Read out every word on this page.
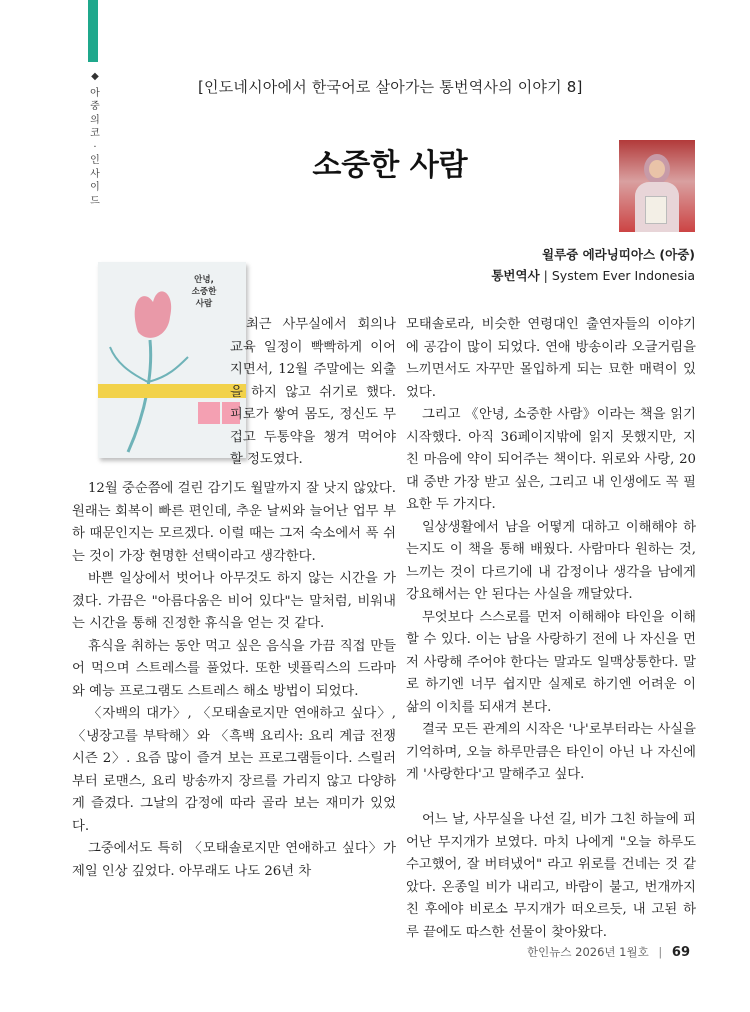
◆
아
중
의
코
·
인
사
이
드
[인도네시아에서 한국어로 살아가는 통번역사의 이야기 8]
소중한 사람
윌루즁 에라닝띠아스 (아중)
통번역사 | System Ever Indonesia
안녕,
소중한
사람

최근 사무실에서 회의나 교육 일정이 빡빡하게 이어지면서, 12월 주말에는 외출을 하지 않고 쉬기로 했다. 피로가 쌓여 몸도, 정신도 무겁고 두통약을 챙겨 먹어야 할 정도였다.

12월 중순쯤에 걸린 감기도 월말까지 잘 낫지 않았다. 원래는 회복이 빠른 편인데, 추운 날씨와 늘어난 업무 부하 때문인지는 모르겠다. 이럴 때는 그저 숙소에서 푹 쉬는 것이 가장 현명한 선택이라고 생각한다.

바쁜 일상에서 벗어나 아무것도 하지 않는 시간을 가졌다. 가끔은 "아름다움은 비어 있다"는 말처럼, 비워내는 시간을 통해 진정한 휴식을 얻는 것 같다.

휴식을 취하는 동안 먹고 싶은 음식을 가끔 직접 만들어 먹으며 스트레스를 풀었다. 또한 넷플릭스의 드라마와 예능 프로그램도 스트레스 해소 방법이 되었다.

〈자백의 대가〉, 〈모태솔로지만 연애하고 싶다〉, 〈냉장고를 부탁해〉와 〈흑백 요리사: 요리 계급 전쟁 시즌 2〉. 요즘 많이 즐겨 보는 프로그램들이다. 스릴러부터 로맨스, 요리 방송까지 장르를 가리지 않고 다양하게 즐겼다. 그날의 감정에 따라 골라 보는 재미가 있었다.

그중에서도 특히 〈모태솔로지만 연애하고 싶다〉가 제일 인상 깊었다. 아무래도 나도 26년 차

모태솔로라, 비슷한 연령대인 출연자들의 이야기에 공감이 많이 되었다. 연애 방송이라 오글거림을 느끼면서도 자꾸만 몰입하게 되는 묘한 매력이 있었다.

그리고 《안녕, 소중한 사람》이라는 책을 읽기 시작했다. 아직 36페이지밖에 읽지 못했지만, 지친 마음에 약이 되어주는 책이다. 위로와 사랑, 20대 중반 가장 받고 싶은, 그리고 내 인생에도 꼭 필요한 두 가지다.

일상생활에서 남을 어떻게 대하고 이해해야 하는지도 이 책을 통해 배웠다. 사람마다 원하는 것, 느끼는 것이 다르기에 내 감정이나 생각을 남에게 강요해서는 안 된다는 사실을 깨달았다.

무엇보다 스스로를 먼저 이해해야 타인을 이해할 수 있다. 이는 남을 사랑하기 전에 나 자신을 먼저 사랑해 주어야 한다는 말과도 일맥상통한다. 말로 하기엔 너무 쉽지만 실제로 하기엔 어려운 이 삶의 이치를 되새겨 본다.

결국 모든 관계의 시작은 '나'로부터라는 사실을 기억하며, 오늘 하루만큼은 타인이 아닌 나 자신에게 '사랑한다'고 말해주고 싶다.

어느 날, 사무실을 나선 길, 비가 그친 하늘에 피어난 무지개가 보였다. 마치 나에게 "오늘 하루도 수고했어, 잘 버텨냈어" 라고 위로를 건네는 것 같았다. 온종일 비가 내리고, 바람이 불고, 번개까지 친 후에야 비로소 무지개가 떠오르듯, 내 고된 하루 끝에도 따스한 선물이 찾아왔다.

한인뉴스 2026년 1월호 | 69
